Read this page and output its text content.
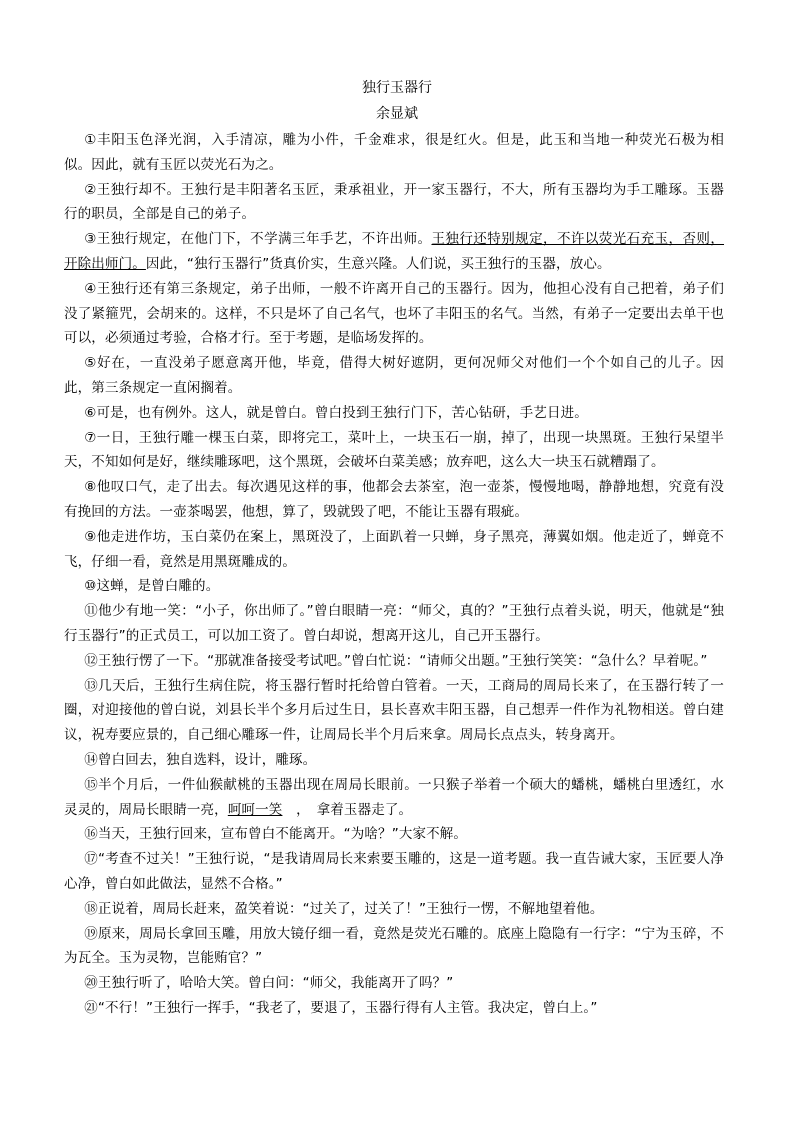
独行玉器行
余显斌

①丰阳玉色泽光润，入手清凉，雕为小件，千金难求，很是红火。但是，此玉和当地一种荧光石极为相似。因此，就有玉匠以荧光石为之。

②王独行却不。王独行是丰阳著名玉匠，秉承祖业，开一家玉器行，不大，所有玉器均为手工雕琢。玉器行的职员，全部是自己的弟子。

③王独行规定，在他门下，不学满三年手艺，不许出师。王独行还特别规定，不许以荧光石充玉，否则，开除出师门。因此，“独行玉器行”货真价实，生意兴隆。人们说，买王独行的玉器，放心。

④王独行还有第三条规定，弟子出师，一般不许离开自己的玉器行。因为，他担心没有自己把着，弟子们没了紧箍咒，会胡来的。这样，不只是坏了自己名气，也坏了丰阳玉的名气。当然，有弟子一定要出去单干也可以，必须通过考验，合格才行。至于考题，是临场发挥的。

⑤好在，一直没弟子愿意离开他，毕竟，借得大树好遮阴，更何况师父对他们一个个如自己的儿子。因此，第三条规定一直闲搁着。

⑥可是，也有例外。这人，就是曾白。曾白投到王独行门下，苦心钻研，手艺日进。

⑦一日，王独行雕一棵玉白菜，即将完工，菜叶上，一块玉石一崩，掉了，出现一块黑斑。王独行呆望半天，不知如何是好，继续雕琢吧，这个黑斑，会破坏白菜美感；放弃吧，这么大一块玉石就糟蹋了。

⑧他叹口气，走了出去。每次遇见这样的事，他都会去茶室，泡一壶茶，慢慢地喝，静静地想，究竟有没有挽回的方法。一壶茶喝罢，他想，算了，毁就毁了吧，不能让玉器有瑕疵。

⑨他走进作坊，玉白菜仍在案上，黑斑没了，上面趴着一只蝉，身子黑亮，薄翼如烟。他走近了，蝉竟不飞，仔细一看，竟然是用黑斑雕成的。

⑩这蝉，是曾白雕的。

⑪他少有地一笑：“小子，你出师了。”曾白眼睛一亮：“师父，真的？”王独行点着头说，明天，他就是“独行玉器行”的正式员工，可以加工资了。曾白却说，想离开这儿，自己开玉器行。

⑫王独行愣了一下。“那就准备接受考试吧。”曾白忙说：“请师父出题。”王独行笑笑：“急什么？早着呢。”

⑬几天后，王独行生病住院，将玉器行暂时托给曾白管着。一天，工商局的周局长来了，在玉器行转了一圈，对迎接他的曾白说，刘县长半个多月后过生日，县长喜欢丰阳玉器，自己想弄一件作为礼物相送。曾白建议，祝寿要应景的，自己细心雕琢一件，让周局长半个月后来拿。周局长点点头，转身离开。

⑭曾白回去，独自选料，设计，雕琢。

⑮半个月后，一件仙猴献桃的玉器出现在周局长眼前。一只猴子举着一个硕大的蟠桃，蟠桃白里透红，水灵灵的，周局长眼睛一亮，呵呵一笑　，　拿着玉器走了。

⑯当天，王独行回来，宣布曾白不能离开。“为啥？”大家不解。

⑰“考查不过关！”王独行说，“是我请周局长来索要玉雕的，这是一道考题。我一直告诫大家，玉匠要人净心净，曾白如此做法，显然不合格。”

⑱正说着，周局长赶来，盈笑着说：“过关了，过关了！”王独行一愣，不解地望着他。

⑲原来，周局长拿回玉雕，用放大镜仔细一看，竟然是荧光石雕的。底座上隐隐有一行字：“宁为玉碎，不为瓦全。玉为灵物，岂能贿官？”

⑳王独行听了，哈哈大笑。曾白问：“师父，我能离开了吗？”

㉑“不行！”王独行一挥手，“我老了，要退了，玉器行得有人主管。我决定，曾白上。”
